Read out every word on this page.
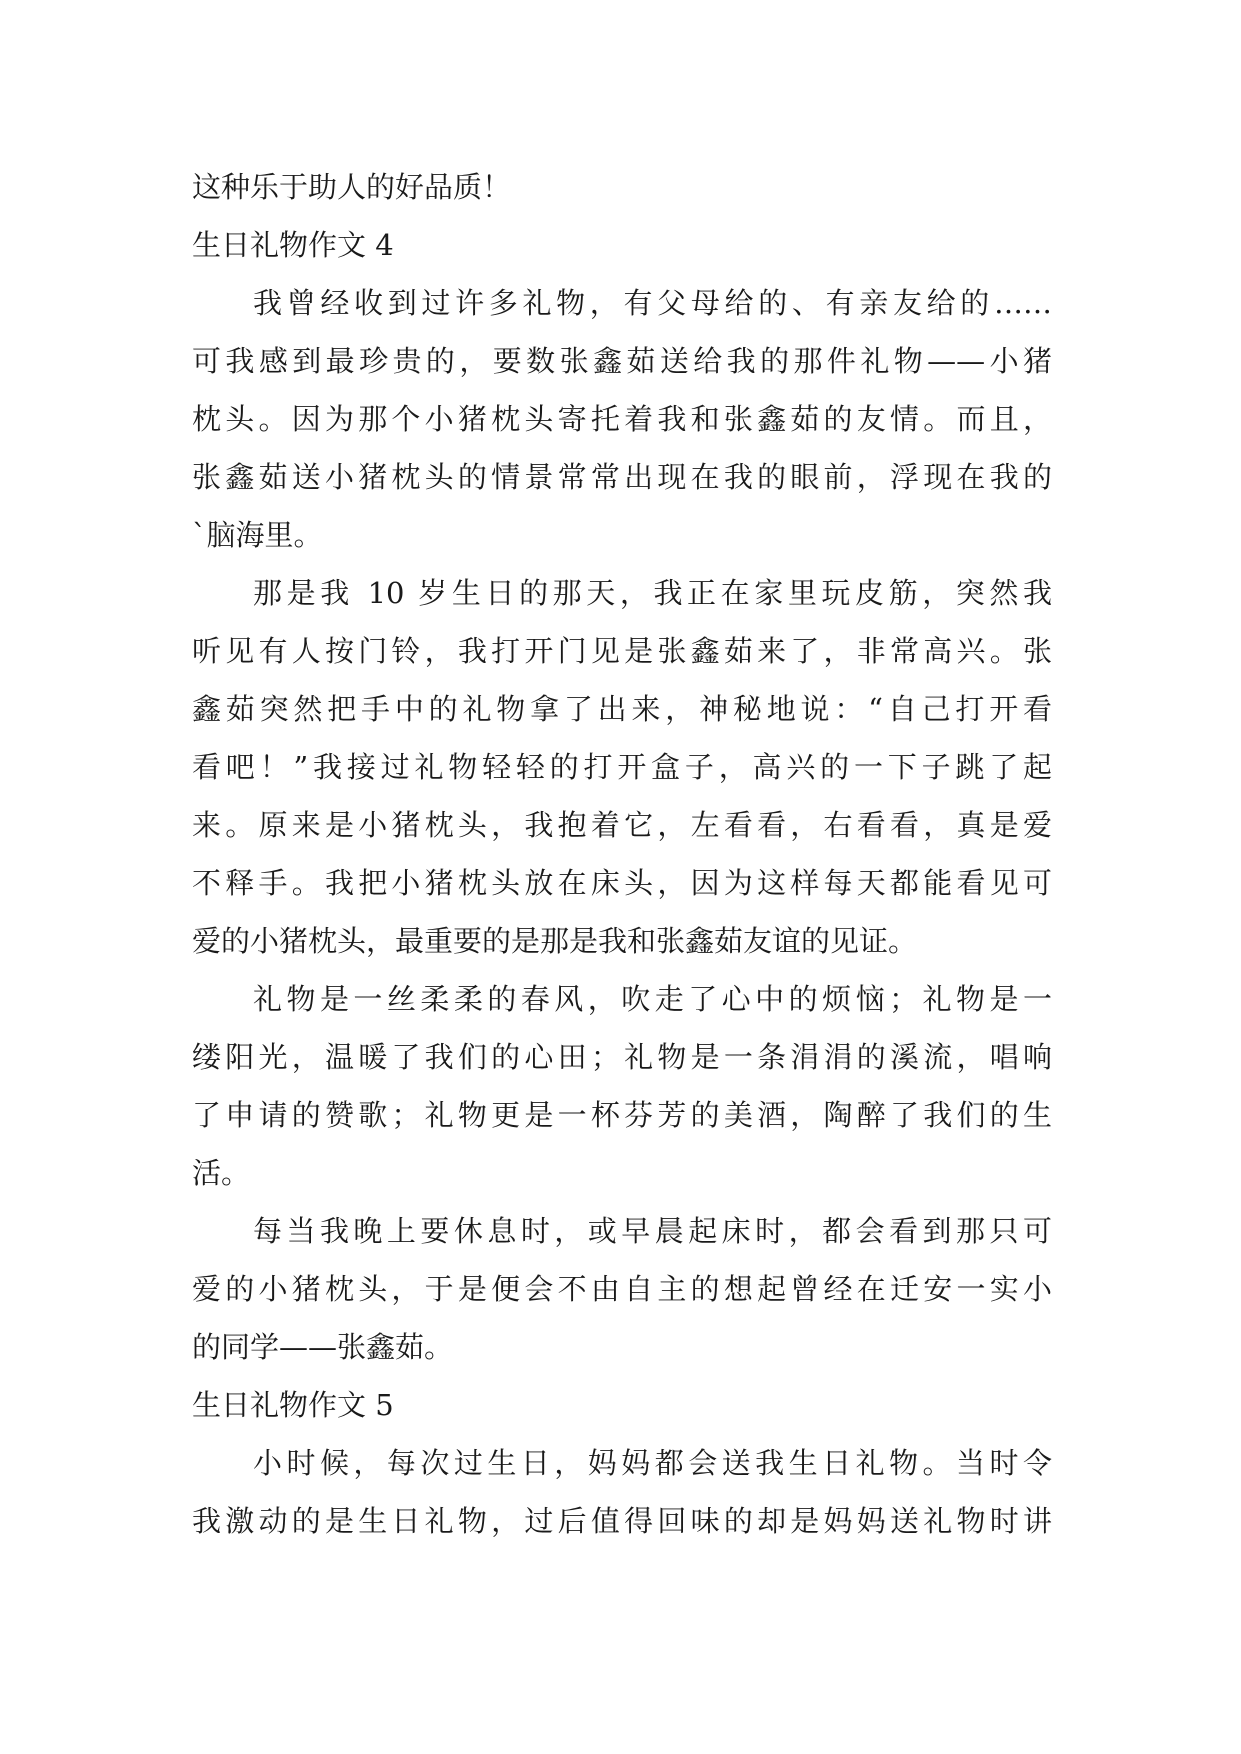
这种乐于助人的好品质！
生日礼物作文 4
我曾经收到过许多礼物，有父母给的、有亲友给的……
可我感到最珍贵的，要数张鑫茹送给我的那件礼物——小猪
枕头。因为那个小猪枕头寄托着我和张鑫茹的友情。而且，
张鑫茹送小猪枕头的情景常常出现在我的眼前，浮现在我的
`脑海里。
那是我 10 岁生日的那天，我正在家里玩皮筋，突然我
听见有人按门铃，我打开门见是张鑫茹来了，非常高兴。张
鑫茹突然把手中的礼物拿了出来，神秘地说：“自己打开看
看吧！”我接过礼物轻轻的打开盒子，高兴的一下子跳了起
来。原来是小猪枕头，我抱着它，左看看，右看看，真是爱
不释手。我把小猪枕头放在床头，因为这样每天都能看见可
爱的小猪枕头，最重要的是那是我和张鑫茹友谊的见证。
礼物是一丝柔柔的春风，吹走了心中的烦恼；礼物是一
缕阳光，温暖了我们的心田；礼物是一条涓涓的溪流，唱响
了申请的赞歌；礼物更是一杯芬芳的美酒，陶醉了我们的生
活。
每当我晚上要休息时，或早晨起床时，都会看到那只可
爱的小猪枕头，于是便会不由自主的想起曾经在迁安一实小
的同学——张鑫茹。
生日礼物作文 5
小时候，每次过生日，妈妈都会送我生日礼物。当时令
我激动的是生日礼物，过后值得回味的却是妈妈送礼物时讲
